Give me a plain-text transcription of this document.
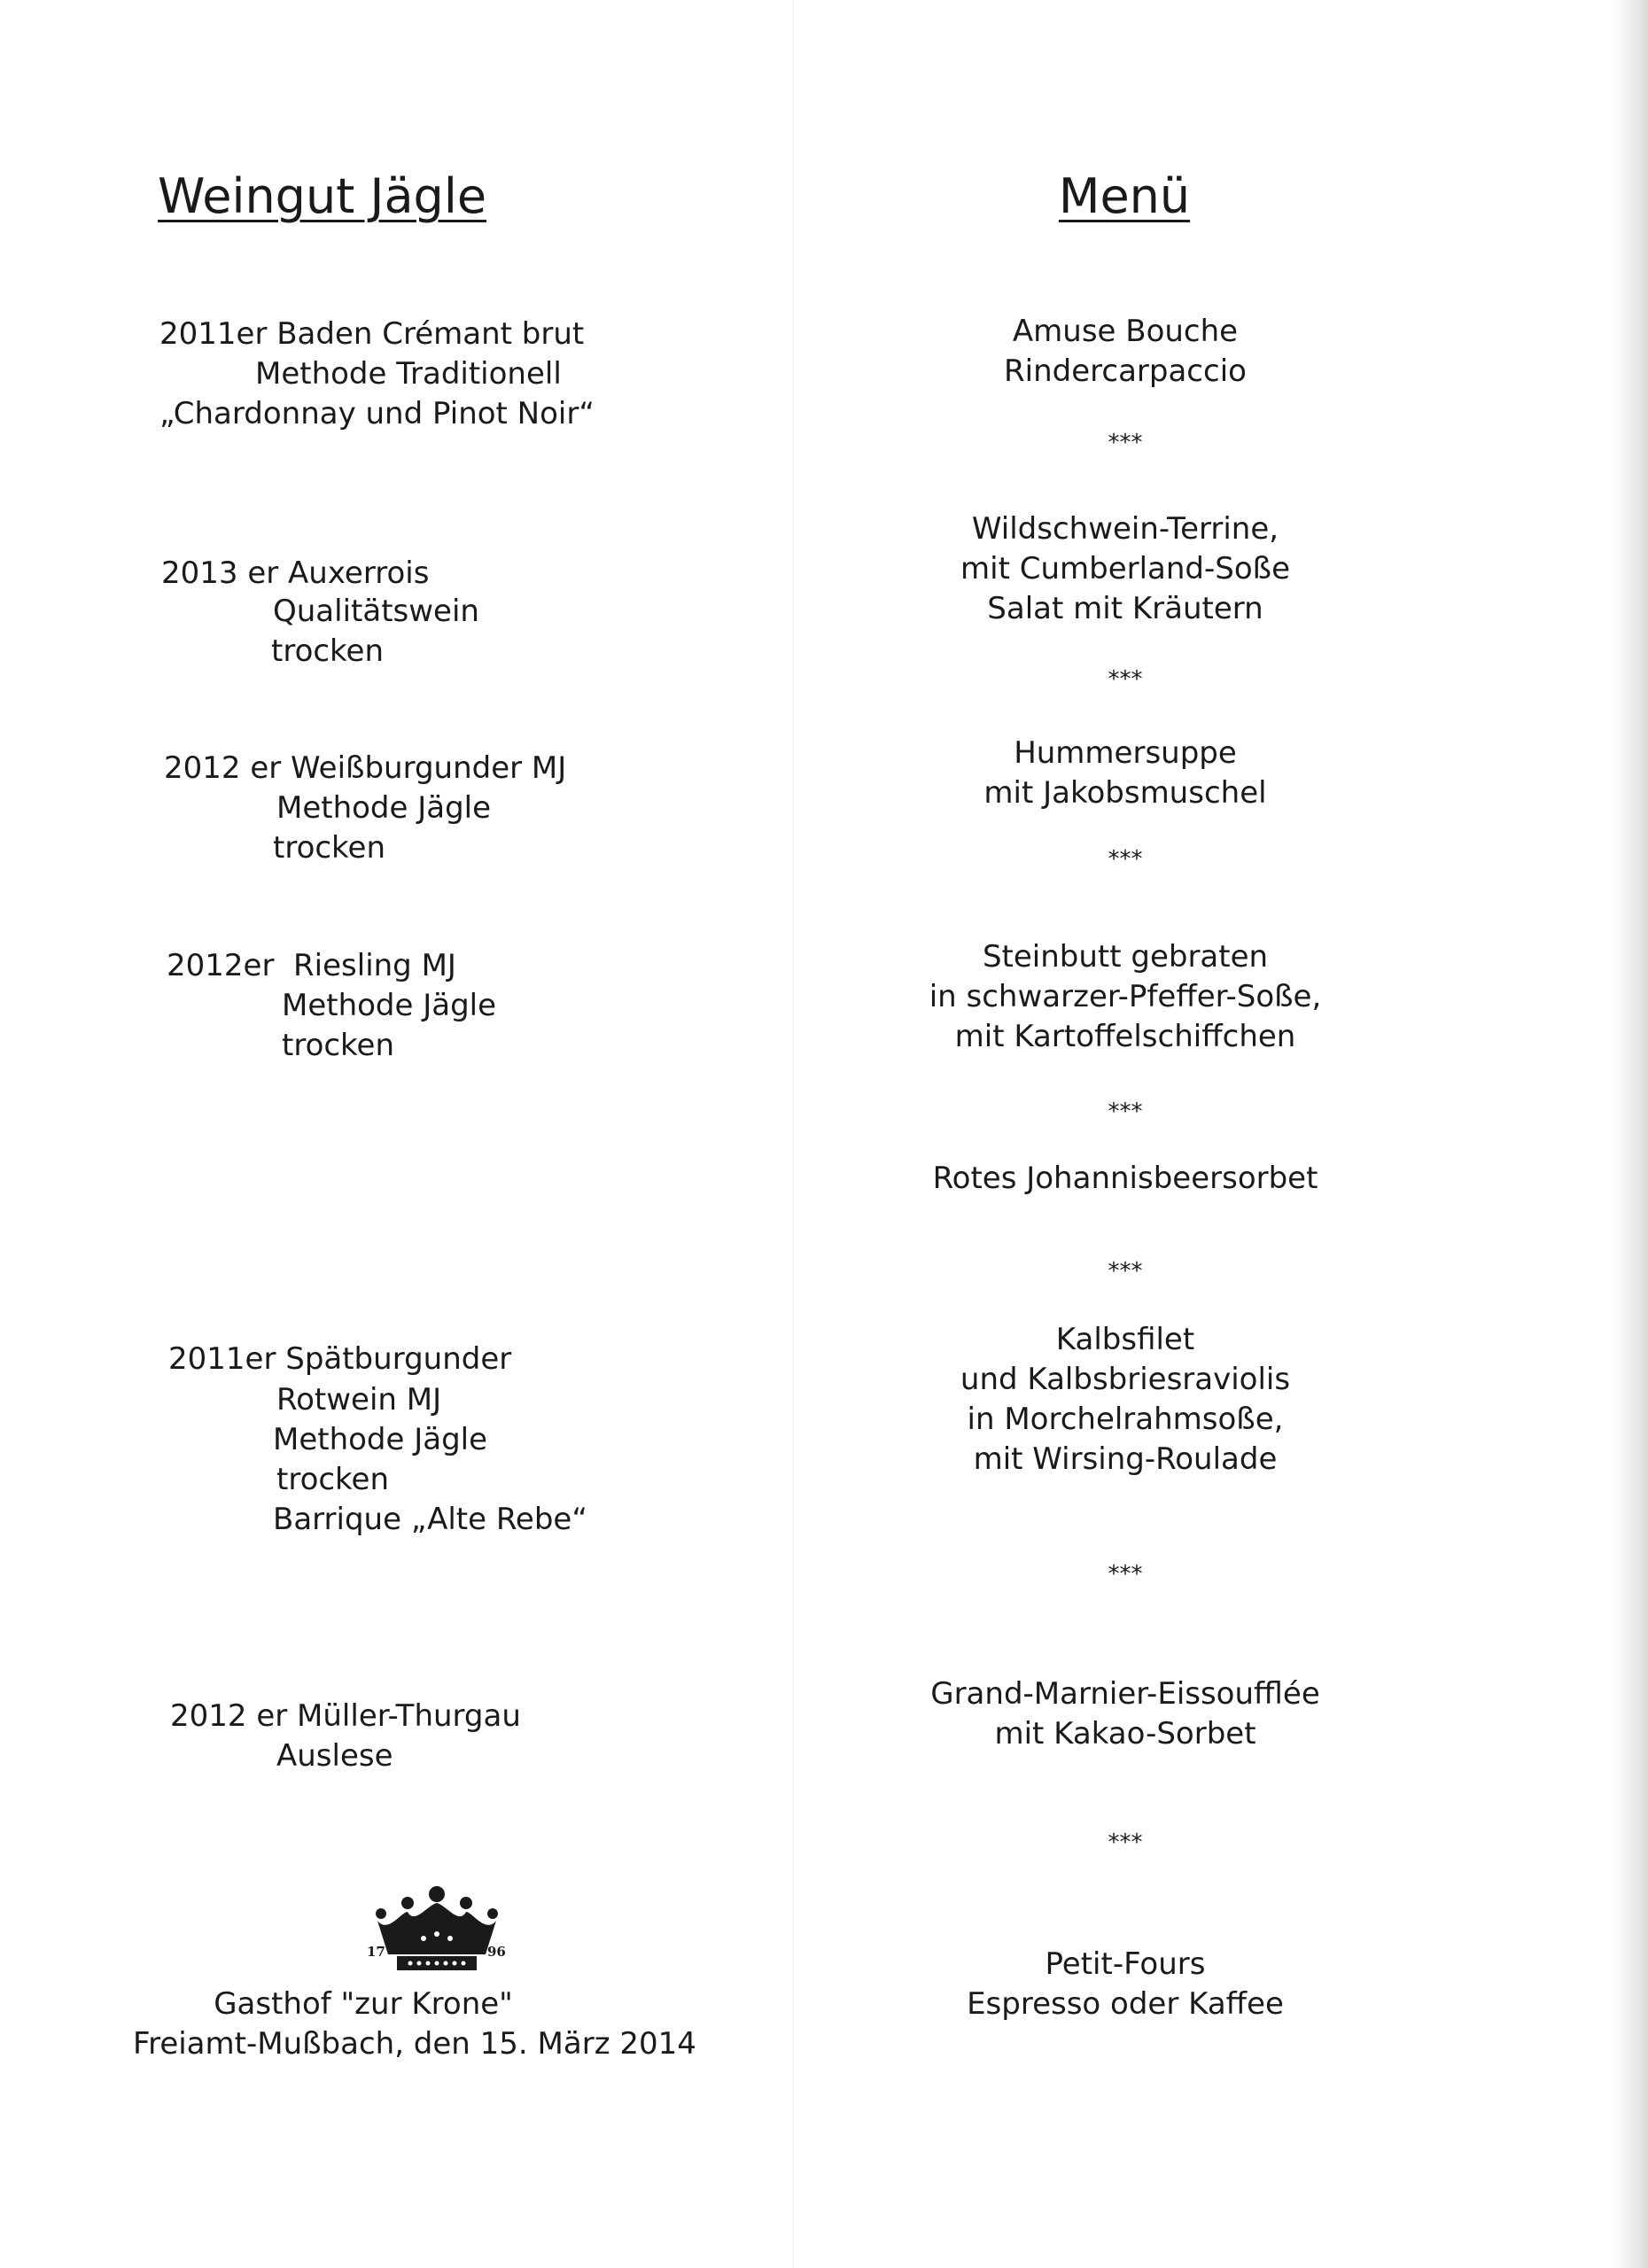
Weingut Jägle
2011er Baden Crémant brut
Methode Traditionell
„Chardonnay und Pinot Noir“
2013 er Auxerrois
Qualitätswein
trocken
2012 er Weißburgunder MJ
Methode Jägle
trocken
2012er  Riesling MJ
Methode Jägle
trocken
2011er Spätburgunder
Rotwein MJ
Methode Jägle
trocken
Barrique „Alte Rebe“
2012 er Müller-Thurgau
Auslese
17	96
Gasthof "zur Krone"
Freiamt-Mußbach, den 15. März 2014
Menü
Amuse Bouche
Rindercarpaccio
***
Wildschwein-Terrine,
mit Cumberland-Soße
Salat mit Kräutern
***
Hummersuppe
mit Jakobsmuschel
***
Steinbutt gebraten
in schwarzer-Pfeffer-Soße,
mit Kartoffelschiffchen
***
Rotes Johannisbeersorbet
***
Kalbsfilet
und Kalbsbriesraviolis
in Morchelrahmsoße,
mit Wirsing-Roulade
***
Grand-Marnier-Eissoufflée
mit Kakao-Sorbet
***
Petit-Fours
Espresso oder Kaffee
